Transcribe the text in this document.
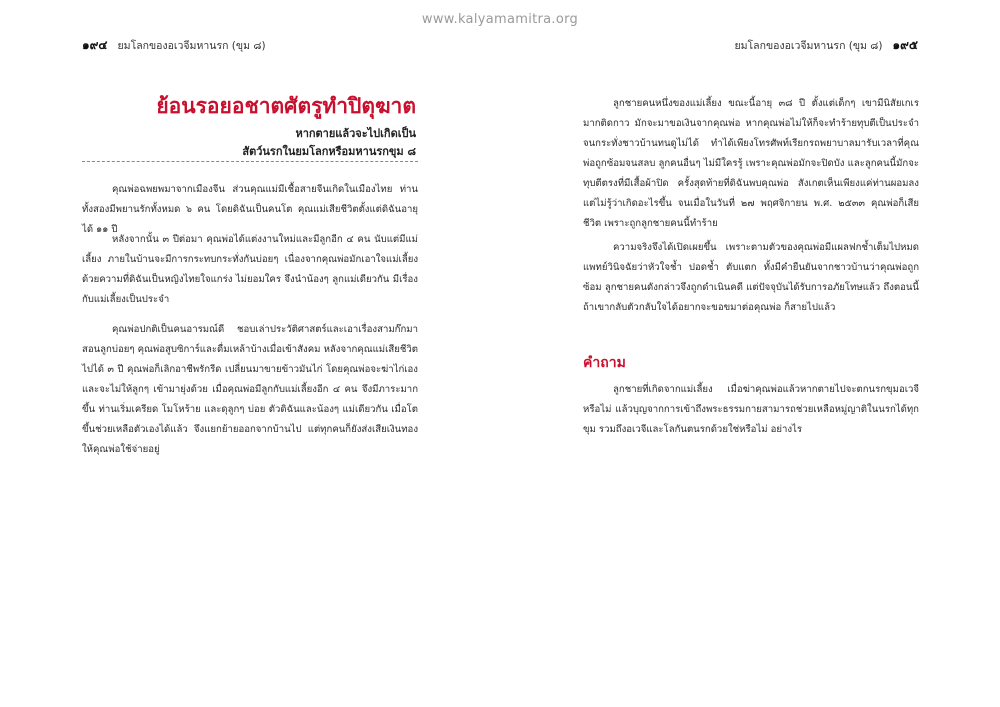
www.kalyamamitra.org
๑๙๔ ยมโลกของอเวจีมหานรก (ขุม ๘)
ย้อนรอยอชาตศัตรูทำปิตุฆาต
หากตายแล้วจะไปเกิดเป็น
สัตว์นรกในยมโลกหรือมหานรกขุม ๘

คุณพ่อฉพยพมาจากเมืองจีน ส่วนคุณแม่มีเชื้อสายจีนเกิดในเมืองไทย ท่านทั้งสองมีพยานรักทั้งหมด ๖ คน โดยดิฉันเป็นคนโต คุณแม่เสียชีวิตตั้งแต่ดิฉันอายุได้ ๑๑ ปี

หลังจากนั้น ๓ ปีต่อมา คุณพ่อได้แต่งงานใหม่และมีลูกอีก ๔ คน นับแต่มีแม่เลี้ยง ภายในบ้านจะมีการกระทบกระทั่งกันบ่อยๆ เนื่องจากคุณพ่อมักเอาใจแม่เลี้ยงด้วยความที่ดิฉันเป็นหญิงไทยใจแกร่ง ไม่ยอมใคร จึงนำน้องๆ ลูกแม่เดียวกัน มีเรื่องกับแม่เลี้ยงเป็นประจำ

คุณพ่อปกติเป็นคนอารมณ์ดี ชอบเล่าประวัติศาสตร์และเอาเรื่องสามก๊กมาสอนลูกบ่อยๆ คุณพ่อสูบซิการ์และดื่มเหล้าบ้างเมื่อเข้าสังคม หลังจากคุณแม่เสียชีวิตไปได้ ๓ ปี คุณพ่อก็เลิกอาชีพรักรีด เปลี่ยนมาขายข้าวมันไก่ โดยคุณพ่อจะฆ่าไก่เองและจะไม่ให้ลูกๆ เข้ามายุ่งด้วย เมื่อคุณพ่อมีลูกกับแม่เลี้ยงอีก ๔ คน จึงมีภาระมากขึ้น ท่านเริ่มเครียด โมโหร้าย และดุลูกๆ บ่อย ตัวดิฉันและน้องๆ แม่เดียวกัน เมื่อโตขึ้นช่วยเหลือตัวเองได้แล้ว จึงแยกย้ายออกจากบ้านไป แต่ทุกคนก็ยังส่งเสียเงินทองให้คุณพ่อใช้จ่ายอยู่

ยมโลกของอเวจีมหานรก (ขุม ๘) ๑๙๕

ลูกชายคนหนึ่งของแม่เลี้ยง ขณะนี้อายุ ๓๘ ปี ตั้งแต่เด็กๆ เขามีนิสัยเกเรมากติดกาว มักจะมาขอเงินจากคุณพ่อ หากคุณพ่อไม่ให้ก็จะทำร้ายทุบตีเป็นประจำจนกระทั่งชาวบ้านทนดูไม่ได้ ทำได้เพียงโทรศัพท์เรียกรถพยาบาลมารับเวลาที่คุณพ่อถูกซ้อมจนสลบ ลูกคนอื่นๆ ไม่มีใครรู้ เพราะคุณพ่อมักจะปิดบัง และลูกคนนี้มักจะทุบตีตรงที่มีเสื้อผ้าปิด ครั้งสุดท้ายที่ดิฉันพบคุณพ่อ สังเกตเห็นเพียงแค่ท่านผอมลงแต่ไม่รู้ว่าเกิดอะไรขึ้น จนเมื่อในวันที่ ๒๗ พฤศจิกายน พ.ศ. ๒๕๓๓ คุณพ่อก็เสียชีวิต เพราะถูกลูกชายคนนี้ทำร้าย

ความจริงจึงได้เปิดเผยขึ้น เพราะตามตัวของคุณพ่อมีแผลฟกช้ำเต็มไปหมดแพทย์วินิจฉัยว่าหัวใจช้ำ ปอดช้ำ ตับแตก ทั้งมีคำยืนยันจากชาวบ้านว่าคุณพ่อถูกซ้อม ลูกชายคนดังกล่าวจึงถูกดำเนินคดี แต่ปัจจุบันได้รับการอภัยโทษแล้ว ถึงตอนนี้ถ้าเขากลับตัวกลับใจได้อยากจะขอขมาต่อคุณพ่อ ก็สายไปแล้ว

คำถาม

ลูกชายที่เกิดจากแม่เลี้ยง เมื่อฆ่าคุณพ่อแล้วหากตายไปจะตกนรกขุมอเวจีหรือไม่ แล้วบุญจากการเข้าถึงพระธรรมกายสามารถช่วยเหลือหมู่ญาติในนรกได้ทุกขุม รวมถึงอเวจีและโลกันตนรกด้วยใช่หรือไม่ อย่างไร
